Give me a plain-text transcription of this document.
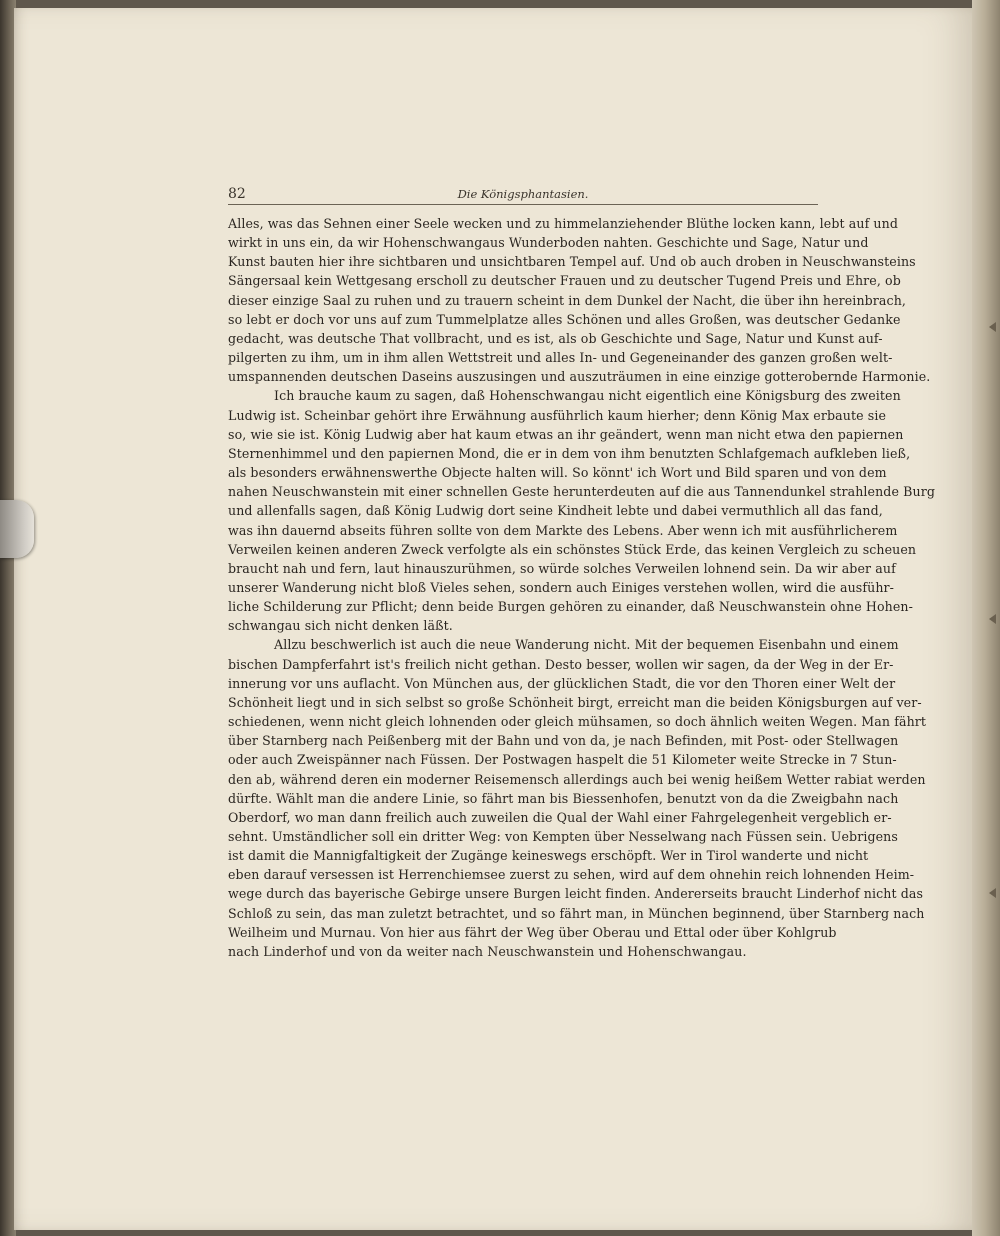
82	Die Königsphantasien.

Alles, was das Sehnen einer Seele wecken und zu himmelanziehender Blüthe locken kann, lebt auf und
wirkt in uns ein, da wir Hohenschwangaus Wunderboden nahten. Geschichte und Sage, Natur und
Kunst bauten hier ihre sichtbaren und unsichtbaren Tempel auf. Und ob auch droben in Neuschwansteins
Sängersaal kein Wettgesang erscholl zu deutscher Frauen und zu deutscher Tugend Preis und Ehre, ob
dieser einzige Saal zu ruhen und zu trauern scheint in dem Dunkel der Nacht, die über ihn hereinbrach,
so lebt er doch vor uns auf zum Tummelplatze alles Schönen und alles Großen, was deutscher Gedanke
gedacht, was deutsche That vollbracht, und es ist, als ob Geschichte und Sage, Natur und Kunst auf-
pilgerten zu ihm, um in ihm allen Wettstreit und alles In- und Gegeneinander des ganzen großen welt-
umspannenden deutschen Daseins auszusingen und auszuträumen in eine einzige gotterobernde Harmonie.

Ich brauche kaum zu sagen, daß Hohenschwangau nicht eigentlich eine Königsburg des zweiten
Ludwig ist. Scheinbar gehört ihre Erwähnung ausführlich kaum hierher; denn König Max erbaute sie
so, wie sie ist. König Ludwig aber hat kaum etwas an ihr geändert, wenn man nicht etwa den papiernen
Sternenhimmel und den papiernen Mond, die er in dem von ihm benutzten Schlafgemach aufkleben ließ,
als besonders erwähnenswerthe Objecte halten will. So könnt' ich Wort und Bild sparen und von dem
nahen Neuschwanstein mit einer schnellen Geste herunterdeuten auf die aus Tannendunkel strahlende Burg
und allenfalls sagen, daß König Ludwig dort seine Kindheit lebte und dabei vermuthlich all das fand,
was ihn dauernd abseits führen sollte von dem Markte des Lebens. Aber wenn ich mit ausführlicherem
Verweilen keinen anderen Zweck verfolgte als ein schönstes Stück Erde, das keinen Vergleich zu scheuen
braucht nah und fern, laut hinauszurühmen, so würde solches Verweilen lohnend sein. Da wir aber auf
unserer Wanderung nicht bloß Vieles sehen, sondern auch Einiges verstehen wollen, wird die ausführ-
liche Schilderung zur Pflicht; denn beide Burgen gehören zu einander, daß Neuschwanstein ohne Hohen-
schwangau sich nicht denken läßt.

Allzu beschwerlich ist auch die neue Wanderung nicht. Mit der bequemen Eisenbahn und einem
bischen Dampferfahrt ist's freilich nicht gethan. Desto besser, wollen wir sagen, da der Weg in der Er-
innerung vor uns auflacht. Von München aus, der glücklichen Stadt, die vor den Thoren einer Welt der
Schönheit liegt und in sich selbst so große Schönheit birgt, erreicht man die beiden Königsburgen auf ver-
schiedenen, wenn nicht gleich lohnenden oder gleich mühsamen, so doch ähnlich weiten Wegen. Man fährt
über Starnberg nach Peißenberg mit der Bahn und von da, je nach Befinden, mit Post- oder Stellwagen
oder auch Zweispänner nach Füssen. Der Postwagen haspelt die 51 Kilometer weite Strecke in 7 Stun-
den ab, während deren ein moderner Reisemensch allerdings auch bei wenig heißem Wetter rabiat werden
dürfte. Wählt man die andere Linie, so fährt man bis Biessenhofen, benutzt von da die Zweigbahn nach
Oberdorf, wo man dann freilich auch zuweilen die Qual der Wahl einer Fahrgelegenheit vergeblich er-
sehnt. Umständlicher soll ein dritter Weg: von Kempten über Nesselwang nach Füssen sein. Uebrigens
ist damit die Mannigfaltigkeit der Zugänge keineswegs erschöpft. Wer in Tirol wanderte und nicht
eben darauf versessen ist Herrenchiemsee zuerst zu sehen, wird auf dem ohnehin reich lohnenden Heim-
wege durch das bayerische Gebirge unsere Burgen leicht finden. Andererseits braucht Linderhof nicht das
Schloß zu sein, das man zuletzt betrachtet, und so fährt man, in München beginnend, über Starnberg nach
Weilheim und Murnau. Von hier aus fährt der Weg über Oberau und Ettal oder über Kohlgrub
nach Linderhof und von da weiter nach Neuschwanstein und Hohenschwangau.
